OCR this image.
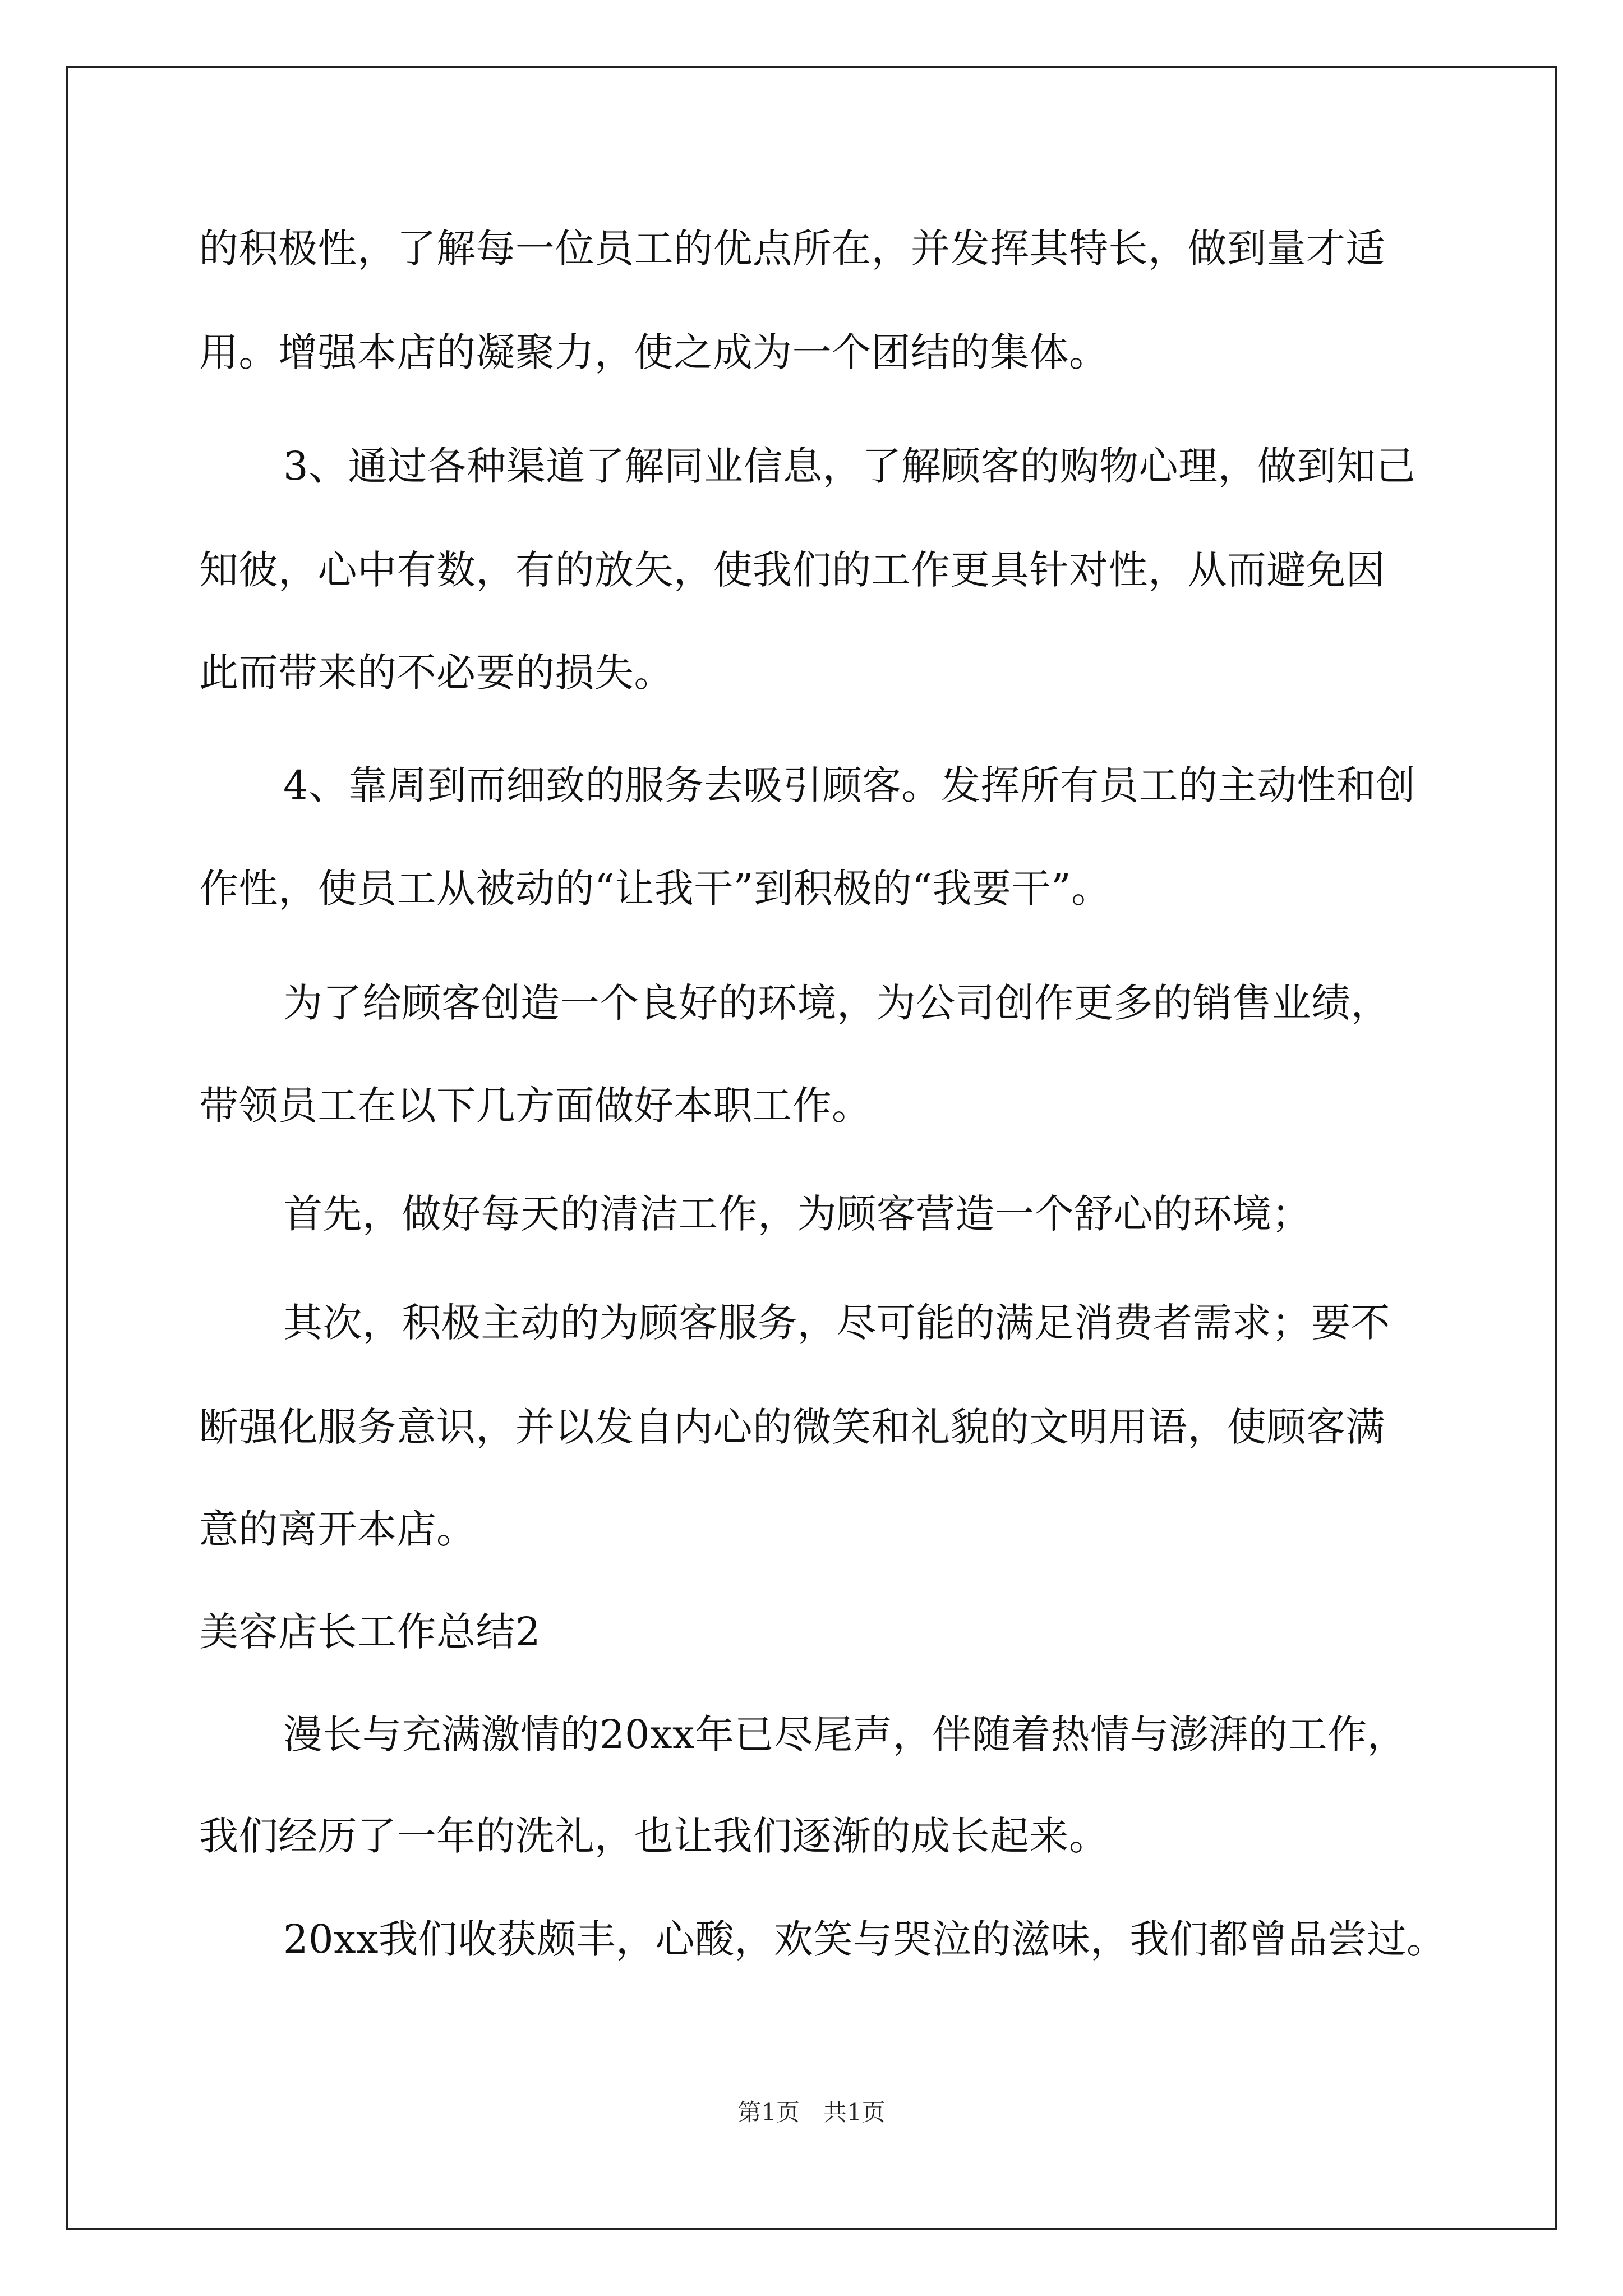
的积极性，了解每一位员工的优点所在，并发挥其特长，做到量才适
用。增强本店的凝聚力，使之成为一个团结的集体。
3、通过各种渠道了解同业信息，了解顾客的购物心理，做到知己
知彼，心中有数，有的放矢，使我们的工作更具针对性，从而避免因
此而带来的不必要的损失。
4、靠周到而细致的服务去吸引顾客。发挥所有员工的主动性和创
作性，使员工从被动的“让我干”到积极的“我要干”。
为了给顾客创造一个良好的环境，为公司创作更多的销售业绩，
带领员工在以下几方面做好本职工作。
首先，做好每天的清洁工作，为顾客营造一个舒心的环境；
其次，积极主动的为顾客服务，尽可能的满足消费者需求；要不
断强化服务意识，并以发自内心的微笑和礼貌的文明用语，使顾客满
意的离开本店。
美容店长工作总结2
漫长与充满激情的20xx年已尽尾声，伴随着热情与澎湃的工作，
我们经历了一年的洗礼，也让我们逐渐的成长起来。
20xx我们收获颇丰，心酸，欢笑与哭泣的滋味，我们都曾品尝过。
第1页　共1页
